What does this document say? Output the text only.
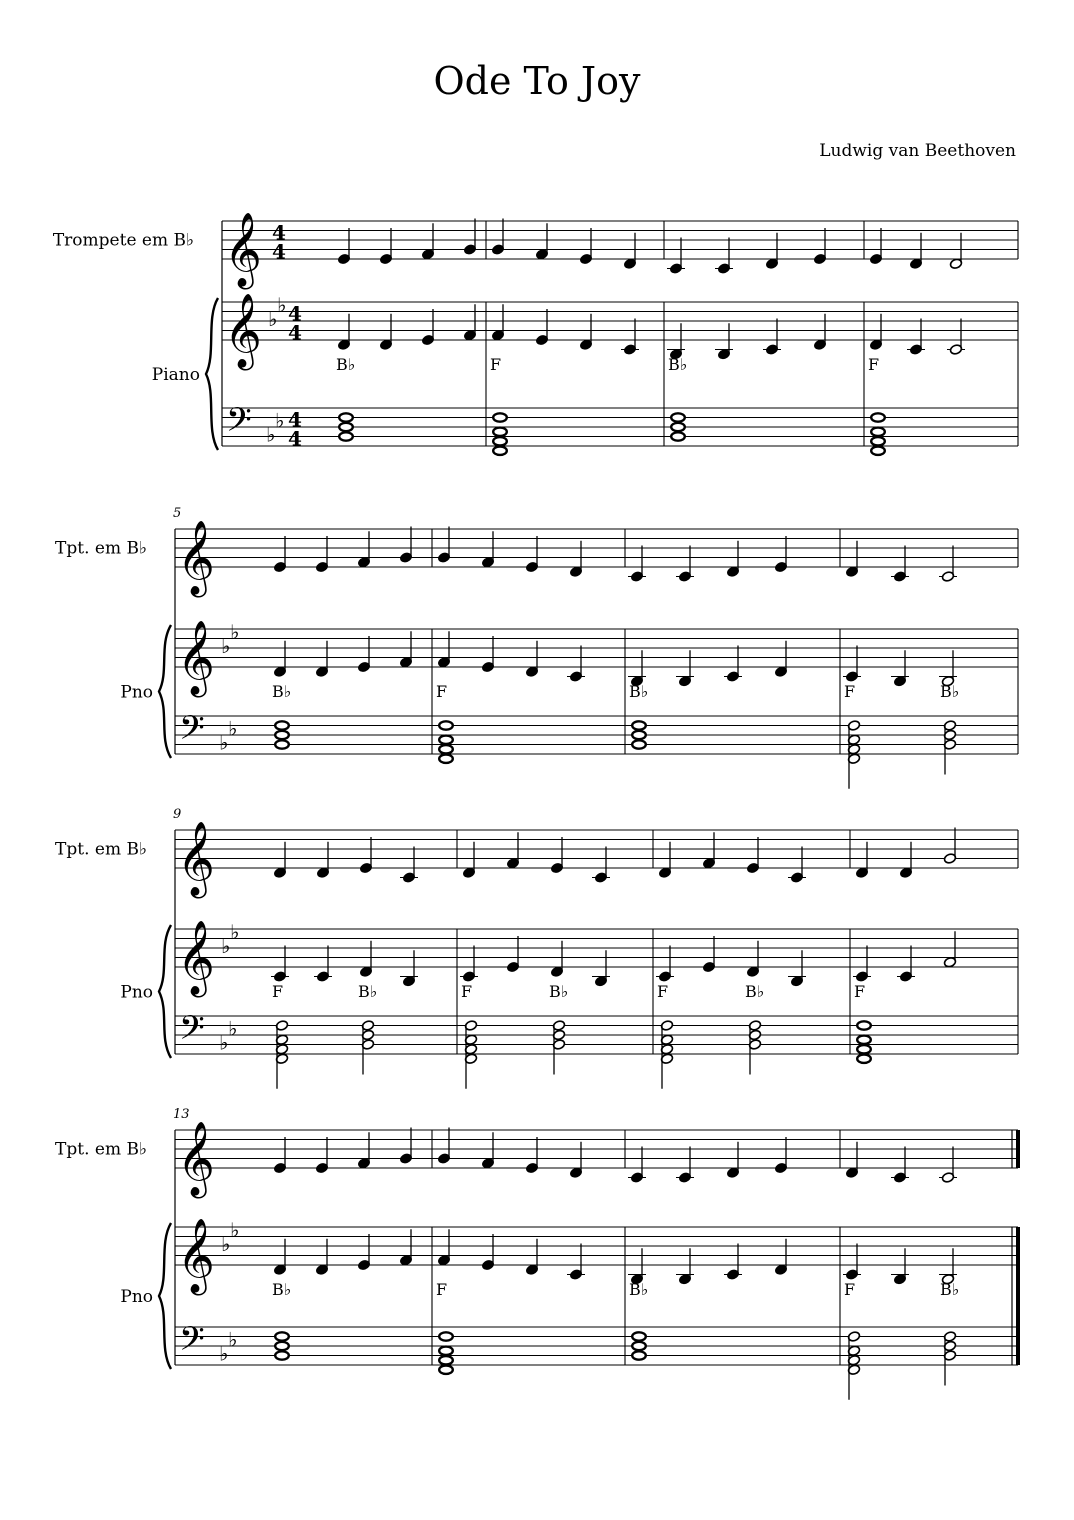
Ode To Joy
Ludwig van Beethoven
Trompete em B♭
Piano
𝄞
𝄞
𝄢
♭
♭
♭
♭
4
4
4
4
4
4
B♭	F	B♭	F
Tpt. em B♭
Pno
5
𝄞
𝄞
𝄢
♭
♭
♭
♭
B♭	F	B♭	F	B♭
Tpt. em B♭
Pno
9
𝄞
𝄞
𝄢
♭
♭
♭
♭
F	B♭	F	B♭	F	B♭	F
Tpt. em B♭
Pno
13
𝄞
𝄞
𝄢
♭
♭
♭
♭
B♭	F	B♭	F	B♭
